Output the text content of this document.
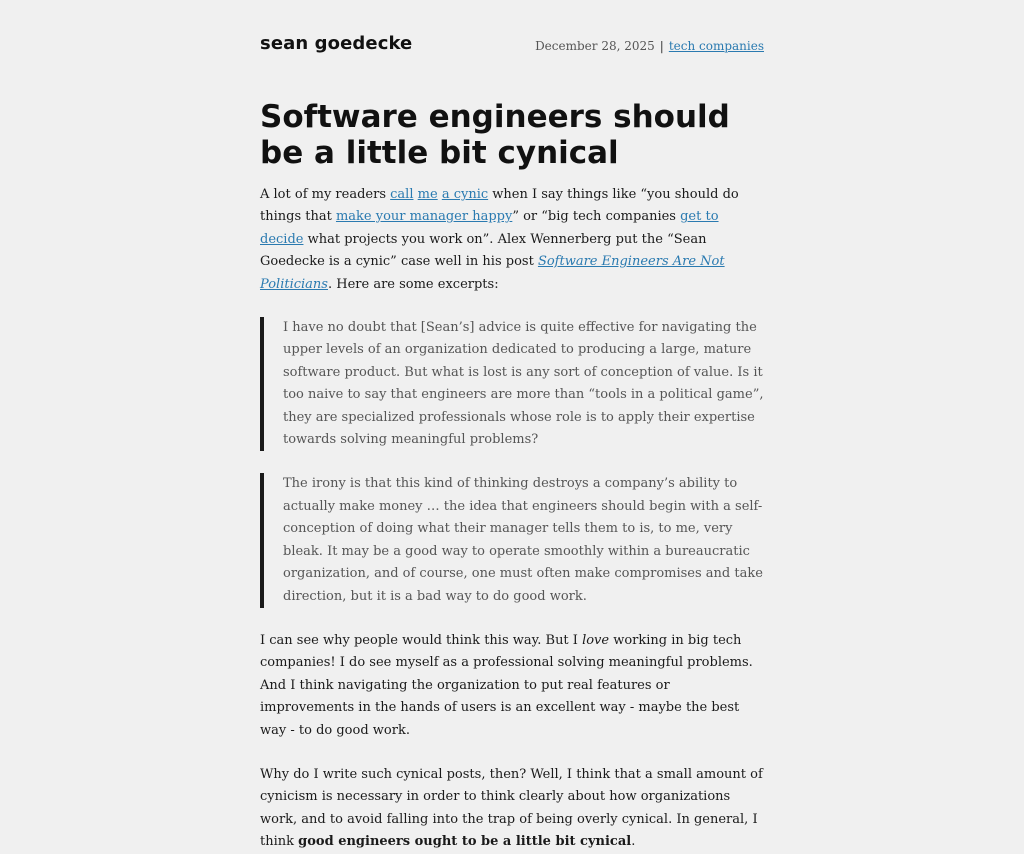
sean goedecke	December 28, 2025 | tech companies
Software engineers should be a little bit cynical

A lot of my readers call me a cynic when I say things like “you should do things that make your manager happy” or “big tech companies get to decide what projects you work on”. Alex Wennerberg put the “Sean Goedecke is a cynic” case well in his post Software Engineers Are Not Politicians. Here are some excerpts:

I have no doubt that [Sean’s] advice is quite effective for navigating the upper levels of an organization dedicated to producing a large, mature software product. But what is lost is any sort of conception of value. Is it too naive to say that engineers are more than “tools in a political game”, they are specialized professionals whose role is to apply their expertise towards solving meaningful problems?

The irony is that this kind of thinking destroys a company’s ability to actually make money … the idea that engineers should begin with a self-conception of doing what their manager tells them to is, to me, very bleak. It may be a good way to operate smoothly within a bureaucratic organization, and of course, one must often make compromises and take direction, but it is a bad way to do good work.

I can see why people would think this way. But I love working in big tech companies! I do see myself as a professional solving meaningful problems. And I think navigating the organization to put real features or improvements in the hands of users is an excellent way - maybe the best way - to do good work.

Why do I write such cynical posts, then? Well, I think that a small amount of cynicism is necessary in order to think clearly about how organizations work, and to avoid falling into the trap of being overly cynical. In general, I think good engineers ought to be a little bit cynical.
